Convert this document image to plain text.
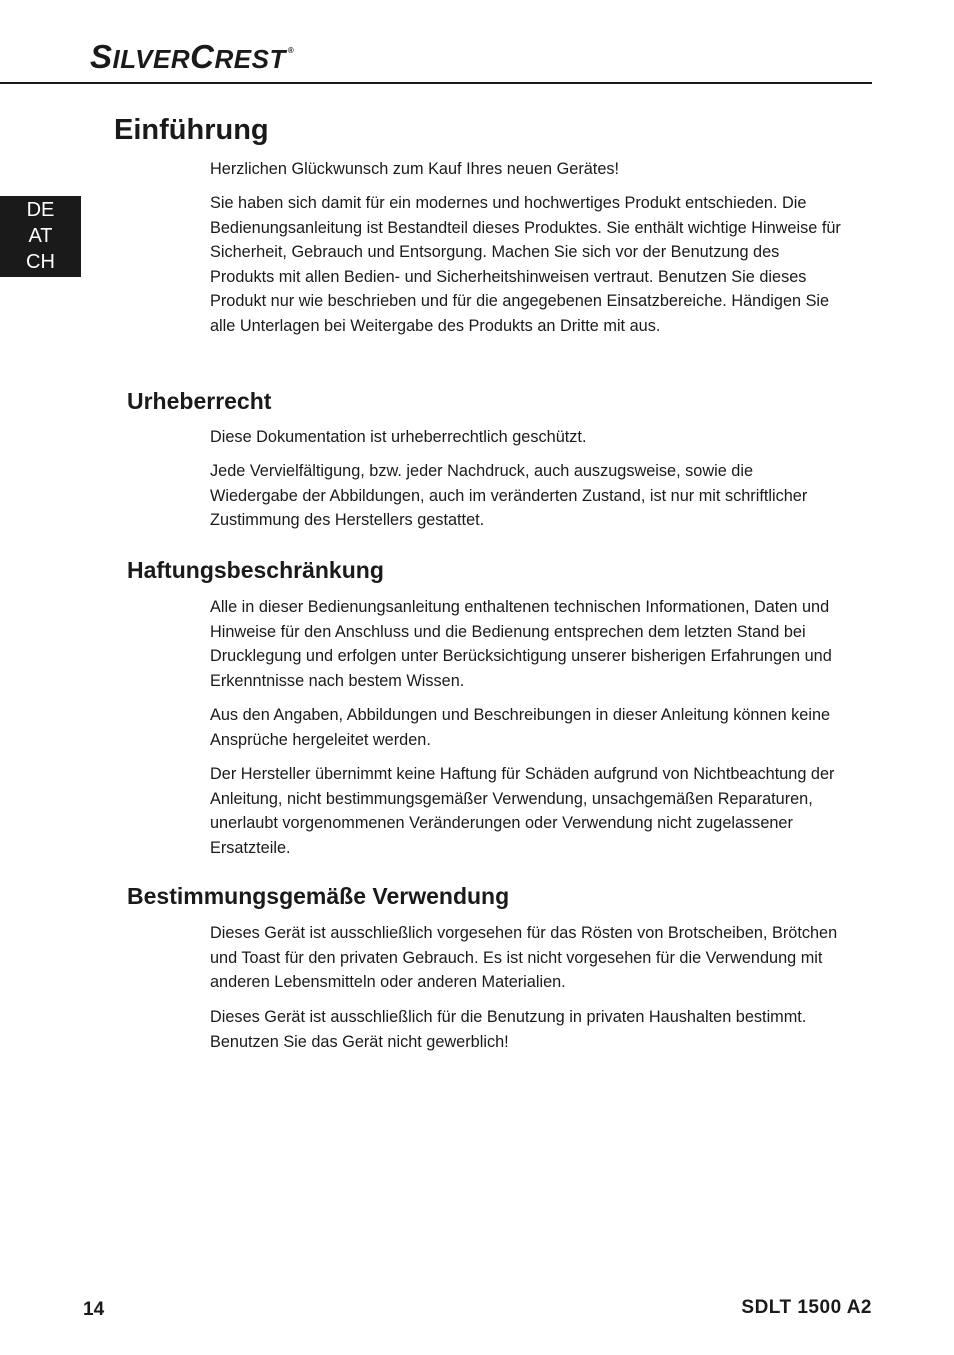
SILVERCREST ®
Einführung
DE
AT
CH

Herzlichen Glückwunsch zum Kauf Ihres neuen Gerätes!

Sie haben sich damit für ein modernes und hochwertiges Produkt entschieden. Die Bedienungsanleitung ist Bestandteil dieses Produktes. Sie enthält wichtige Hinweise für Sicherheit, Gebrauch und Entsorgung. Machen Sie sich vor der Benutzung des Produkts mit allen Bedien- und Sicherheitshinweisen vertraut. Benutzen Sie dieses Produkt nur wie beschrieben und für die angegebenen Einsatzbereiche. Händigen Sie alle Unterlagen bei Weitergabe des Produkts an Dritte mit aus.

Urheberrecht

Diese Dokumentation ist urheberrechtlich geschützt.

Jede Vervielfältigung, bzw. jeder Nachdruck, auch auszugsweise, sowie die Wiedergabe der Abbildungen, auch im veränderten Zustand, ist nur mit schriftlicher Zustimmung des Herstellers gestattet.

Haftungsbeschränkung

Alle in dieser Bedienungsanleitung enthaltenen technischen Informationen, Daten und Hinweise für den Anschluss und die Bedienung entsprechen dem letzten Stand bei Drucklegung und erfolgen unter Berücksichtigung unserer bisherigen Erfahrungen und Erkenntnisse nach bestem Wissen.

Aus den Angaben, Abbildungen und Beschreibungen in dieser Anleitung können keine Ansprüche hergeleitet werden.

Der Hersteller übernimmt keine Haftung für Schäden aufgrund von Nichtbeachtung der Anleitung, nicht bestimmungsgemäßer Verwendung, unsachgemäßen Reparaturen, unerlaubt vorgenommenen Veränderungen oder Verwendung nicht zugelassener Ersatzteile.

Bestimmungsgemäße Verwendung

Dieses Gerät ist ausschließlich vorgesehen für das Rösten von Brotscheiben, Brötchen und Toast für den privaten Gebrauch. Es ist nicht vorgesehen für die Verwendung mit anderen Lebensmitteln oder anderen Materialien.

Dieses Gerät ist ausschließlich für die Benutzung in privaten Haushalten bestimmt. Benutzen Sie das Gerät nicht gewerblich!

14	SDLT 1500 A2
